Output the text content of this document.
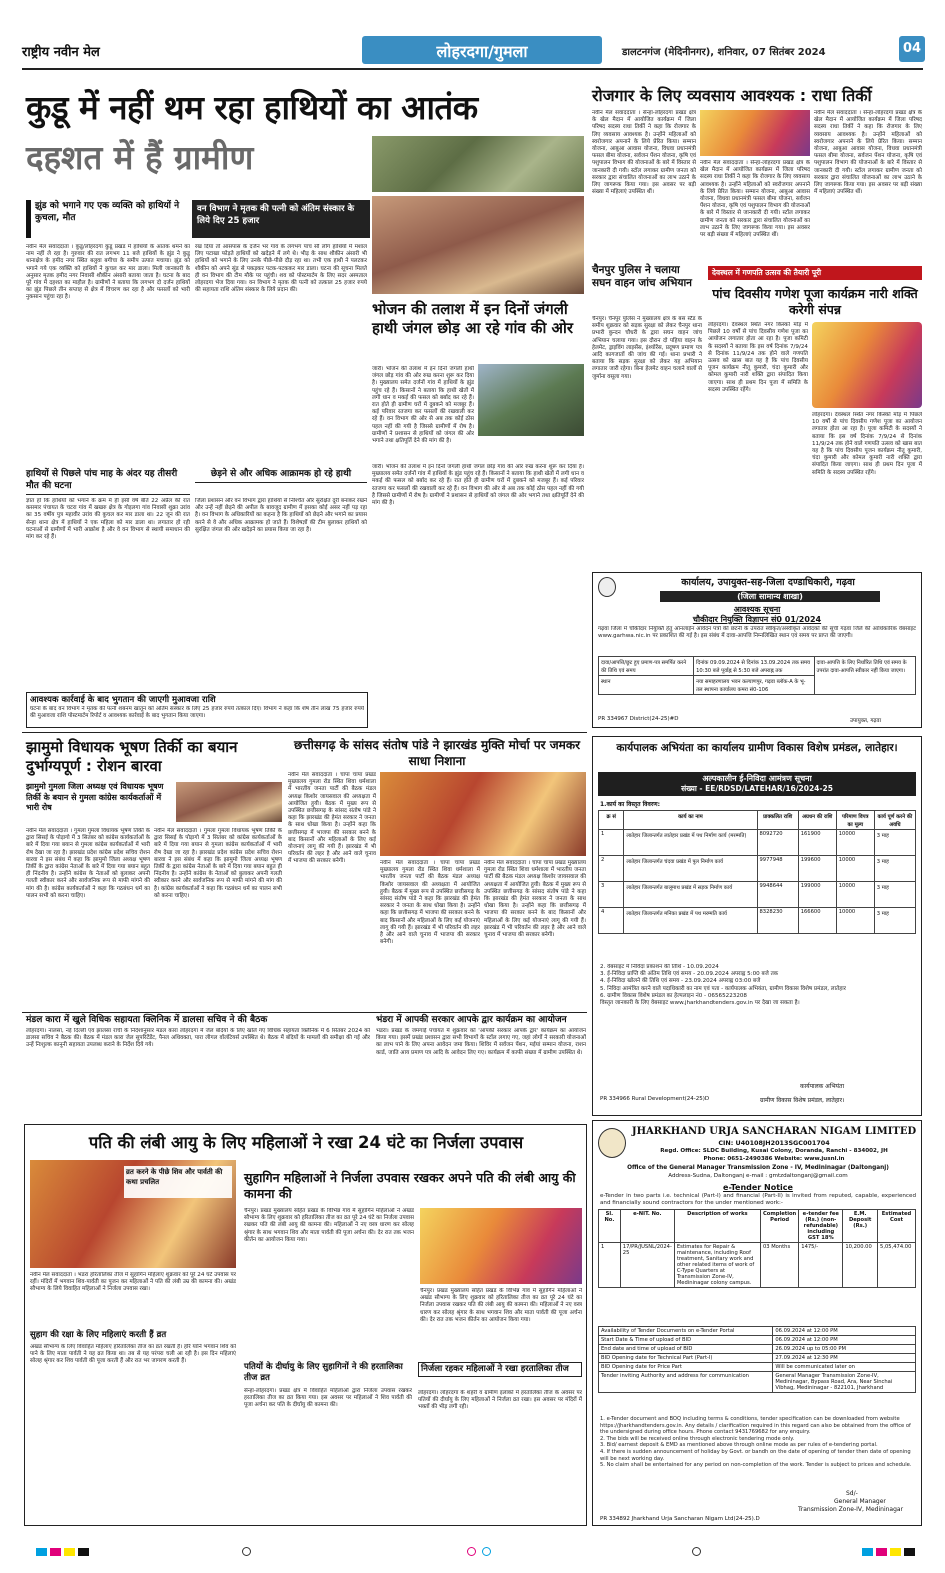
राष्ट्रीय नवीन मेल	लोहरदगा/गुमला	डालटनगंज (मेदिनीनगर), शनिवार, 07 सितंबर 2024	04
कुडू में नहीं थम रहा हाथियों का आतंक
दहशत में हैं ग्रामीण
झुंड को भगाने गए एक व्यक्ति को हाथियों ने कुचला, मौत
वन विभाग ने मृतक की पत्नी को अंतिम संस्कार के लिये दिए 25 हजार
नवीन मेल संवाददाता । कुडू/लोहरदगा कुडू प्रखंड में हाथियों के आतंक थमने का नाम नहीं ले रहा है। गुरुवार की रात लगभग 11 बजे हाथियों के झुंड ने कुडू थानाक्षेत्र के हमीद नगर स्थित बलुवा बगीचा के समीप उत्पात मचाया। झुंड को भगाने गये एक व्यक्ति को हाथियों ने कुचल कर मार डाला। मिली जानकारी के अनुसार मृतक हमीद नगर निवासी शौकीन अंसारी बताया जाता है। घटना के बाद पूरे गांव में दहशत का माहौल है। ग्रामीणों ने बताया कि लगभग दो दर्जन हाथियों का झुंड पिछले तीन सप्ताह से क्षेत्र में विचरण कर रहा है और फसलों को भारी नुकसान पहुंचा रहा है।
रख दिया तो आसपास के दर्जन भर गांव के लगभग पांच सौ लोग हाथियों में मशाल लिए पटाखा फोड़ते हाथियों को खदेड़ने में लगे थे। भीड़ के साथ शौकीन अंसारी भी हाथियों को भगाने के लिए उनके पीछे-पीछे दौड़ रहा था। तभी एक हाथी ने पलटकर शौकीन को अपने सूंड से पकड़कर पटक-पटककर मार डाला। घटना की सूचना मिलते ही वन विभाग की टीम मौके पर पहुंची। शव को पोस्टमार्टम के लिए सदर अस्पताल लोहरदगा भेज दिया गया। वन विभाग ने मृतक की पत्नी को तत्काल 25 हजार रुपये की सहायता राशि अंतिम संस्कार के लिये प्रदान की।
भोजन की तलाश में इन दिनों जंगली हाथी जंगल छोड़ आ रहे गांव की ओर
जारी। भोजन की तलाश में इन दिनों जंगली हाथी जंगल छोड़ गांव की ओर रुख करना शुरू कर दिया है। मुख्यालय समेत दर्जनों गांव में हाथियों के झुंड पहुंच रहे हैं। किसानों ने बताया कि हाथी खेतों में लगी धान व मकई की फसल को बर्बाद कर रहे हैं। रात होते ही ग्रामीण घरों में दुबकने को मजबूर हैं। कई परिवार रतजगा कर फसलों की रखवाली कर रहे हैं। वन विभाग की ओर से अब तक कोई ठोस पहल नहीं की गयी है जिससे ग्रामीणों में रोष है। ग्रामीणों ने प्रशासन से हाथियों को जंगल की ओर भगाने तथा क्षतिपूर्ति देने की मांग की है।
जारी। भोजन की तलाश में इन दिनों जंगली हाथी जंगल छोड़ गांव की ओर रुख करना शुरू कर दिया है। मुख्यालय समेत दर्जनों गांव में हाथियों के झुंड पहुंच रहे हैं। किसानों ने बताया कि हाथी खेतों में लगी धान व मकई की फसल को बर्बाद कर रहे हैं। रात होते ही ग्रामीण घरों में दुबकने को मजबूर हैं। कई परिवार रतजगा कर फसलों की रखवाली कर रहे हैं। वन विभाग की ओर से अब तक कोई ठोस पहल नहीं की गयी है जिससे ग्रामीणों में रोष है। ग्रामीणों ने प्रशासन से हाथियों को जंगल की ओर भगाने तथा क्षतिपूर्ति देने की मांग की है।
हाथियों से पिछले पांच माह के अंदर यह तीसरी मौत की घटना
ज्ञात हो कि हाथियों को भगाने के क्रम में ही इसी वर्ष बीते 22 अप्रैल की रात कसमार पंचायत के चटरा गांव में खखरु क्षेत्र के गोइलगा गांव निवासी शुक्रा उरांव का 35 वर्षीय पुत्र महावीर उरांव की कुचल कर मार डाला था। 22 जून की रात सेन्हा थाना क्षेत्र में हाथियों ने एक महिला को मार डाला था। लगातार हो रही घटनाओं से ग्रामीणों में भारी आक्रोश है और वे वन विभाग से स्थायी समाधान की मांग कर रहे हैं।
छेड़ने से और अधिक आक्रामक हो रहे हाथी
जिला प्रशासन और वन विभाग द्वारा हाथियों से निश्चित और सुरक्षित दूरी बनाकर रखने और उन्हें नहीं छेड़ने की अपील के बावजूद ग्रामीण में इसका कोई असर नहीं पड़ रहा है। वन विभाग के अधिकारियों का कहना है कि हाथियों को छेड़ने और भगाने का प्रयास करने से वे और अधिक आक्रामक हो जाते हैं। विशेषज्ञों की टीम बुलाकर हाथियों को सुरक्षित जंगल की ओर खदेड़ने का प्रयास किया जा रहा है।
आवश्यक कार्रवाई के बाद भुगतान की जाएगी मुआवजा राशि
घटना के बाद वन विभाग ने मृतक की पत्नी शबनम खातून को अंतिम संस्कार के लिए 25 हजार रुपये तत्काल दिए। विभाग ने कहा कि शेष तीन लाख 75 हजार रुपये की मुआवजा राशि पोस्टमार्टम रिपोर्ट व आवश्यक कार्रवाई के बाद भुगतान किया जाएगा।
रोजगार के लिए व्यवसाय आवश्यक : राधा तिर्की
नवीन मेल संवाददाता । सेन्हा-लोहरदगा प्रखंड क्षेत्र के खेल मैदान में आयोजित कार्यक्रम में जिला परिषद सदस्य राधा तिर्की ने कहा कि रोजगार के लिए व्यवसाय आवश्यक है। उन्होंने महिलाओं को स्वरोजगार अपनाने के लिये प्रेरित किया। सम्मान योजना, आबुआ आवास योजना, विधवा प्रधानमंत्री फसल बीमा योजना, सर्वजन पेंशन योजना, कृषि एवं पशुपालन विभाग की योजनाओं के बारे में विस्तार से जानकारी दी गयी। स्टॉल लगाकर ग्रामीण जनता को सरकार द्वारा संचालित योजनाओं का लाभ उठाने के लिए जागरूक किया गया। इस अवसर पर बड़ी संख्या में महिलाएं उपस्थित थीं।
नवीन मेल संवाददाता । सेन्हा-लोहरदगा प्रखंड क्षेत्र के खेल मैदान में आयोजित कार्यक्रम में जिला परिषद सदस्य राधा तिर्की ने कहा कि रोजगार के लिए व्यवसाय आवश्यक है। उन्होंने महिलाओं को स्वरोजगार अपनाने के लिये प्रेरित किया। सम्मान योजना, आबुआ आवास योजना, विधवा प्रधानमंत्री फसल बीमा योजना, सर्वजन पेंशन योजना, कृषि एवं पशुपालन विभाग की योजनाओं के बारे में विस्तार से जानकारी दी गयी। स्टॉल लगाकर ग्रामीण जनता को सरकार द्वारा संचालित योजनाओं का लाभ उठाने के लिए जागरूक किया गया। इस अवसर पर बड़ी संख्या में महिलाएं उपस्थित थीं।
नवीन मेल संवाददाता । सेन्हा-लोहरदगा प्रखंड क्षेत्र के खेल मैदान में आयोजित कार्यक्रम में जिला परिषद सदस्य राधा तिर्की ने कहा कि रोजगार के लिए व्यवसाय आवश्यक है। उन्होंने महिलाओं को स्वरोजगार अपनाने के लिये प्रेरित किया। सम्मान योजना, आबुआ आवास योजना, विधवा प्रधानमंत्री फसल बीमा योजना, सर्वजन पेंशन योजना, कृषि एवं पशुपालन विभाग की योजनाओं के बारे में विस्तार से जानकारी दी गयी। स्टॉल लगाकर ग्रामीण जनता को सरकार द्वारा संचालित योजनाओं का लाभ उठाने के लिए जागरूक किया गया। इस अवसर पर बड़ी संख्या में महिलाएं उपस्थित थीं।
चैनपुर पुलिस ने चलाया सघन वाहन जांच अभियान
चैनपुर। चैनपुर पुलिस ने मुख्यालय क्षेत्र के बस स्टैंड के समीप शुक्रवार को सड़क सुरक्षा को लेकर चैनपुर थाना प्रभारी कुन्दन चौधरी के द्वारा सघन वाहन जांच अभियान चलाया गया। इस दौरान दो पहिया वाहन के हेलमेट, ड्राइविंग लाइसेंस, इंश्योरेंस, प्रदूषण प्रमाण पत्र आदि कागजातों की जांच की गई। थाना प्रभारी ने बताया कि सड़क सुरक्षा को लेकर यह अभियान लगातार जारी रहेगा। बिना हेलमेट वाहन चलाने वालों से जुर्माना वसूला गया।
देवस्थल में गणपति उत्सव की तैयारी पूरी
पांच दिवसीय गणेश पूजा कार्यक्रम नारी शक्ति करेगी संपन्न
लोहरदगा। देवस्थल स्थित नगर किस्को मोड़ में पिछले 10 वर्षों से पांच दिवसीय गणेश पूजा का आयोजन लगातार होता आ रहा है। पूजा कमिटी के सदस्यों ने बताया कि इस वर्ष दिनांक 7/9/24 से दिनांक 11/9/24 तक होने वाले गणपति उत्सव को खास बात यह है कि पांच दिवसीय पूजन कार्यक्रम नीतू कुमारी, चंदा कुमारी और कोमल कुमारी नारी शक्ति द्वारा संपादित किया जाएगा। साथ ही प्रथम दिन पूजा में समिति के सदस्य उपस्थित रहेंगे।
लोहरदगा। देवस्थल स्थित नगर किस्को मोड़ में पिछले 10 वर्षों से पांच दिवसीय गणेश पूजा का आयोजन लगातार होता आ रहा है। पूजा कमिटी के सदस्यों ने बताया कि इस वर्ष दिनांक 7/9/24 से दिनांक 11/9/24 तक होने वाले गणपति उत्सव को खास बात यह है कि पांच दिवसीय पूजन कार्यक्रम नीतू कुमारी, चंदा कुमारी और कोमल कुमारी नारी शक्ति द्वारा संपादित किया जाएगा। साथ ही प्रथम दिन पूजा में समिति के सदस्य उपस्थित रहेंगे।
कार्यालय, उपायुक्त-सह-जिला दण्डाधिकारी, गढ़वा
(जिला सामान्य शाखा)
आवश्यक सूचना
चौकीदार नियुक्ति विज्ञापन सं0 01/2024
गढ़वा जिला में चौकीदार नियुक्ति हेतु ऑनलाईन आवेदन पत्रों की छंटनी के उपरांत स्वीकृत/अस्वीकृत आवेदकों की सूची गढ़वा जिले की आधिकारिक वेबसाइट www.garhwa.nic.in पर प्रकाशित की गई है। इस संबंध में दावा-आपत्ति निम्नलिखित स्थान एवं समय पर प्राप्त की जाएगी।
दावा/आपत्ति/छूट हुए प्रमाण-पत्र समर्पित करने की तिथि एवं समय	दिनांक 09.09.2024 से दिनांक 13.09.2024 तक समय 10:30 बजे पूर्वाह्न से 5:30 बजे अपराह्न तक	दावा-आपत्ति के लिए निर्धारित तिथि एवं समय के उपरांत दावा-आपत्ति स्वीकार नहीं किया जाएगा।
स्थान	नया समाहरणालय भवन कल्याणपुर, गढ़वा ब्लॉक-A के भू-तल स्थापना कार्यालय कमरा सं0-106	
PR 334967 District(24-25)#D	उपायुक्त, गढ़वा
झामुमो विधायक भूषण तिर्की का बयान दुर्भाग्यपूर्ण : रोशन बारवा
झामुमो गुमला जिला अध्यक्ष एवं विधायक भूषण तिर्की के बयान से गुमला कांग्रेस कार्यकर्ताओं में भारी रोष
नवीन मेल संवाददाता । गुमला गुमला विधायक भूषण तिर्की के द्वारा सिसई के पोड़ागो में 3 सितंबर को कांग्रेस कार्यकर्ताओं के बारे में दिया गया बयान से गुमला कांग्रेस कार्यकर्ताओं में भारी रोष देखा जा रहा है। झारखंड प्रदेश कांग्रेस प्रदेश सचिव रोशन बारवा ने इस संबंध में कहा कि झामुमो जिला अध्यक्ष भूषण तिर्की के द्वारा कांग्रेस नेताओं के बारे में दिया गया बयान बहुत ही निंदनीय है। उन्होंने कांग्रेस के नेताओं को बुलाकर अपनी गलती स्वीकार करने और सार्वजनिक रूप से माफी मांगने की मांग की है। कांग्रेस कार्यकर्ताओं ने कहा कि गठबंधन धर्म का पालन सभी को करना चाहिए।
नवीन मेल संवाददाता । गुमला गुमला विधायक भूषण तिर्की के द्वारा सिसई के पोड़ागो में 3 सितंबर को कांग्रेस कार्यकर्ताओं के बारे में दिया गया बयान से गुमला कांग्रेस कार्यकर्ताओं में भारी रोष देखा जा रहा है। झारखंड प्रदेश कांग्रेस प्रदेश सचिव रोशन बारवा ने इस संबंध में कहा कि झामुमो जिला अध्यक्ष भूषण तिर्की के द्वारा कांग्रेस नेताओं के बारे में दिया गया बयान बहुत ही निंदनीय है। उन्होंने कांग्रेस के नेताओं को बुलाकर अपनी गलती स्वीकार करने और सार्वजनिक रूप से माफी मांगने की मांग की है। कांग्रेस कार्यकर्ताओं ने कहा कि गठबंधन धर्म का पालन सभी को करना चाहिए।
छत्तीसगढ़ के सांसद संतोष पांडे ने झारखंड मुक्ति मोर्चा पर जमकर साधा निशाना
नवीन मेल संवाददाता । चापा चापा प्रखंड मुख्यालय गुमला रोड स्थित शिवा धर्मशाला में भारतीय जनता पार्टी की बैठक मंडल अध्यक्ष किशोर जायसवाल की अध्यक्षता में आयोजित हुयी। बैठक में मुख्य रूप से उपस्थित छत्तीसगढ़ के सांसद संतोष पांडे ने कहा कि झारखंड की हेमंत सरकार ने जनता के साथ धोखा किया है। उन्होंने कहा कि छत्तीसगढ़ में भाजपा की सरकार बनने के बाद किसानों और महिलाओं के लिए कई योजनाएं लागू की गयी हैं। झारखंड में भी परिवर्तन की लहर है और आने वाले चुनाव में भाजपा की सरकार बनेगी।	नवीन मेल संवाददाता । चापा चापा प्रखंड मुख्यालय गुमला रोड स्थित शिवा धर्मशाला में भारतीय जनता पार्टी की बैठक मंडल अध्यक्ष किशोर जायसवाल की अध्यक्षता में आयोजित हुयी। बैठक में मुख्य रूप से उपस्थित छत्तीसगढ़ के सांसद संतोष पांडे ने कहा कि झारखंड की हेमंत सरकार ने जनता के साथ धोखा किया है। उन्होंने कहा कि छत्तीसगढ़ में भाजपा की सरकार बनने के बाद किसानों और महिलाओं के लिए कई योजनाएं लागू की गयी हैं। झारखंड में भी परिवर्तन की लहर है और आने वाले चुनाव में भाजपा की सरकार बनेगी।
नवीन मेल संवाददाता । चापा चापा प्रखंड मुख्यालय गुमला रोड स्थित शिवा धर्मशाला में भारतीय जनता पार्टी की बैठक मंडल अध्यक्ष किशोर जायसवाल की अध्यक्षता में आयोजित हुयी। बैठक में मुख्य रूप से उपस्थित छत्तीसगढ़ के सांसद संतोष पांडे ने कहा कि झारखंड की हेमंत सरकार ने जनता के साथ धोखा किया है। उन्होंने कहा कि छत्तीसगढ़ में भाजपा की सरकार बनने के बाद किसानों और महिलाओं के लिए कई योजनाएं लागू की गयी हैं। झारखंड में भी परिवर्तन की लहर है और आने वाले चुनाव में भाजपा की सरकार बनेगी।
मंडल कारा में खुले विधिक सहायता क्लिनिक में डालसा सचिव ने की बैठक
लोहरदगा। नालसा, नई दिल्ली एवं झालसा रांची के निर्देशानुसार मंडल कारा लोहरदगा में जेल बंदियों के लिए खोले गए विधिक सहायता क्लिनिक में 6 सितंबर 2024 को डालसा सचिव ने बैठक की। बैठक में मंडल कारा जेल सुपरिटेंडेंट, पैनल अधिवक्ता, पारा लीगल वॉलंटियर्स उपस्थित थे। बैठक में बंदियों के मामलों की समीक्षा की गई और उन्हें निःशुल्क कानूनी सहायता उपलब्ध कराने के निर्देश दिये गये।
भंडरा में आपकी सरकार आपके द्वार कार्यक्रम का आयोजन
भंडरा। प्रखंड के जमगाई पंचायत में शुक्रवार को 'आपकी सरकार आपके द्वार' कार्यक्रम का आयोजन किया गया। इसमें प्रखंड प्रशासन द्वारा सभी विभागों के स्टॉल लगाए गए, जहां लोगों ने सरकारी योजनाओं का लाभ पाने के लिए अपना आवेदन जमा किया। शिविर में सर्वजन पेंशन, मईयां सम्मान योजना, राशन कार्ड, जाति आय प्रमाण पत्र आदि के आवेदन लिए गए। कार्यक्रम में काफी संख्या में ग्रामीण उपस्थित थे।
पति की लंबी आयु के लिए महिलाओं ने रखा 24 घंटे का निर्जला उपवास
व्रत करने के पीछे शिव और पार्वती की कथा प्रचलित
नवीन मेल संवाददाता । भंडरा हरितालिका तीज में सुहागिन महिलाएं शुक्रवार को पूरे 24 घंटे उपवास पर रहीं। मंदिरों में भगवान शिव-पार्वती का पूजन कर महिलाओं ने पति की लंबी उम्र की कामना की। अखंड सौभाग्य के लिये विवाहित महिलाओं ने निर्जला उपवास रखा।
सुहाग की रक्षा के लिए महिलाएं करती हैं व्रत
अखंड सौभाग्य के लिए विवाहित महिलाएं हरितालिका तीज का व्रत रखती हैं। हरि यानि भगवान शिव को पाने के लिए माता पार्वती ने यह व्रत किया था। तब से यह परंपरा चली आ रही है। इस दिन महिलाएं सोलह श्रृंगार कर शिव पार्वती की पूजा करती हैं और रात भर जागरण करती हैं।
सुहागिन महिलाओं ने निर्जला उपवास रखकर अपने पति की लंबी आयु की कामना की
चैनपुर। प्रखंड मुख्यालय सहित प्रखंड के विभिन्न गांव में सुहागिन महिलाओं ने अखंड सौभाग्य के लिए शुक्रवार को हरितालिका तीज का व्रत पूरे 24 घंटे का निर्जला उपवास रखकर पति की लंबी आयु की कामना की। महिलाओं ने नए वस्त्र धारण कर सोलह श्रृंगार के साथ भगवान शिव और माता पार्वती की पूजा अर्चना की। देर रात तक भजन कीर्तन का आयोजन किया गया।
चैनपुर। प्रखंड मुख्यालय सहित प्रखंड के विभिन्न गांव में सुहागिन महिलाओं ने अखंड सौभाग्य के लिए शुक्रवार को हरितालिका तीज का व्रत पूरे 24 घंटे का निर्जला उपवास रखकर पति की लंबी आयु की कामना की। महिलाओं ने नए वस्त्र धारण कर सोलह श्रृंगार के साथ भगवान शिव और माता पार्वती की पूजा अर्चना की। देर रात तक भजन कीर्तन का आयोजन किया गया।
पतियों के दीर्घायु के लिए सुहागिनों ने की हरतालिका तीज व्रत
सेन्हा-लोहरदगा। प्रखंड क्षेत्र में विवाहित महिलाओं द्वारा निर्जला उपवास रखकर हरतालिका तीज का व्रत किया गया। इस अवसर पर महिलाओं ने शिव पार्वती की पूजा अर्चना कर पति के दीर्घायु की कामना की।
निर्जला रहकर महिलाओं ने रखा हरतालिका तीज
लोहरदगा। लोहरदगा के शहरी व ग्रामीण इलाकों में हरतालिका तीज के अवसर पर पतियों की दीर्घायु के लिए महिलाओं ने निर्जला व्रत रखा। इस अवसर पर मंदिरों में भक्तों की भीड़ लगी रही।
कार्यपालक अभियंता का कार्यालय ग्रामीण विकास विशेष प्रमंडल, लातेहार।
अल्पकालीन ई-निविदा आमंत्रण सूचना
संख्या - EE/RDSD/LATEHAR/16/2024-25
1.कार्य का विस्तृत विवरण:
क्र सं	कार्य का नाम	प्राक्कलित राशि	अग्रधन की राशि	परिमाण विपत्र का मूल्य	कार्य पूर्ण करने की अवधि
1	लातेहार जिलान्तर्गत लातेहार प्रखंड में पथ निर्माण कार्य (मरम्मति)	8092720	161900	10000	3 माह
2	लातेहार जिलान्तर्गत चंदवा प्रखंड में पुल निर्माण कार्य	9977948	199600	10000	3 माह
3	लातेहार जिलान्तर्गत बालूमाथ प्रखंड में सड़क निर्माण कार्य	9948644	199000	10000	3 माह
4	लातेहार जिलान्तर्गत मनिका प्रखंड में पथ मरम्मति कार्य	8328230	166600	10000	3 माह
2. वेबसाइट में निविदा प्रकाशन की तिथि - 10.09.2024
3. ई-निविदा प्राप्ति की अंतिम तिथि एवं समय - 20.09.2024 अपराह्न 5:00 बजे तक
4. ई-निविदा खोलने की तिथि एवं समय - 23.09.2024 अपराह्न 03:00 बजे
5. निविदा आमंत्रित करने वाले पदाधिकारी का नाम एवं पता - कार्यपालक अभियंता, ग्रामीण विकास विशेष प्रमंडल, लातेहार
6. ग्रामीण विकास विशेष प्रमंडल का हेल्पलाइन नं0 - 06565223208
विस्तृत जानकारी के लिए वेबसाइट www.jharkhandtenders.gov.in पर देखा जा सकता है।
PR 334966 Rural Development(24-25)D
कार्यपालक अभियंता
ग्रामीण विकास विशेष प्रमंडल, लातेहार।
JHARKHAND URJA SANCHARAN NIGAM LIMITED
CIN: U40108JH2013SGC001704
Regd. Office: SLDC Building, Kusai Colony, Doranda, Ranchi - 834002, JH
Phone: 0651-2490386 Website: www.jusnl.in
Office of the General Manager Transmission Zone - IV, Medininagar (Daltonganj)
Address-Sudna, Daltonganj e-mail : gmtzdaltonganj@gmail.com
e-Tender Notice
e-Tender in two parts i.e. technical (Part-I) and financial (Part-II) is invited from reputed, capable, experienced and financially sound contractors for the under mentioned work:-
Sl. No.	e-NIT. No.	Description of works	Completion Period	e-tender fee (Rs.) (non-refundable) including GST 18%	E.M. Deposit (Rs.)	Estimated Cost
1	17/PR/JUSNL/2024-25	Estimates for Repair & maintenance, including Roof treatment, Sanitary work and other related items of work of C-Type Quarters at Transmission Zone-IV, Medininagar colony campus.	03 Months	1475/-	10,200.00	5,05,474.00
Availability of Tender Documents on e-Tender Portal	06.09.2024 at 12:00 PM
Start Date & Time of upload of BID	06.09.2024 at 12:00 PM
End date and time of upload of BID	26.09.2024 up to 05:00 PM
BID Opening date for Technical Part (Part-I)	27.09.2024 at 12:30 PM
BID Opening date for Price Part	Will be communicated later on
Tender inviting Authority and address for communication	General Manager Transmission Zone-IV, Medininagar, Bypass Road, Ara, Near Sinchai Vibhag, Medininagar - 822101, Jharkhand
1. e-Tender document and BOQ including terms & conditions, tender specification can be downloaded from website https://jharkhandtenders.gov.in. Any details / clarification required in this regard can also be obtained from the office of the undersigned during office hours. Phone contact 9431769682 for any enquiry.
2. The bids will be received online through electronic tendering mode only.
3. Bid/ earnest deposit & EMD as mentioned above through online mode as per rules of e-tendering portal.
4. If there is sudden announcement of holiday by Govt. or bandh on the date of opening of tender then date of opening will be next working day.
5. No claim shall be entertained for any period on non-completion of the work. Tender is subject to prices and schedule.
Sd/-
General Manager
Transmission Zone-IV, Medininagar
PR 334892 Jharkhand Urja Sancharan Nigam Ltd(24-25).D
